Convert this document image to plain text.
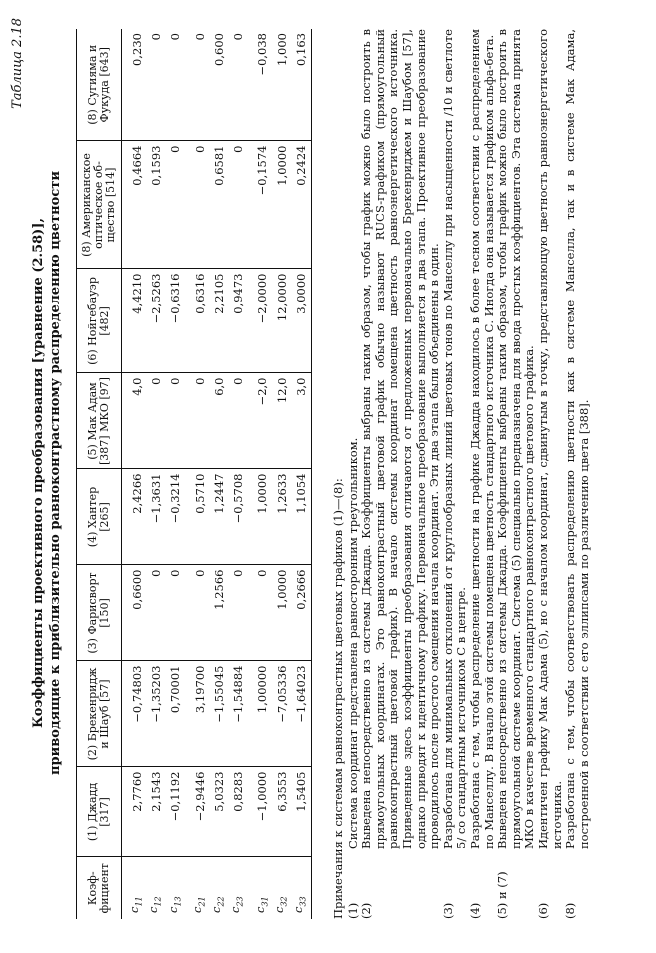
Таблица 2.18
Коэффициенты проективного преобразования [уравнение (2.58)], приводящие к приблизительно равноконтрастному распределению цветности
Коэф-фициент	(1) Джадд [317]	(2) Брекенридж и Шауб [57]	(3) Фарисворт [150]	(4) Хантер [265]	(5) Мак Адам [387] МКО [97]	(6) Нойгебауэр [482]	(8) Американское оптическое об-щество [514]	(8) Сугияма и Фукуда [643]
$c_{11}$	2,7760	−0,74803	0,6600	2,4266	4,0	4,4210	0,4664	0,230
$c_{12}$	2,1543	−1,35203	0	−1,3631	0	−2,5263	0,1593	0
$c_{13}$	−0,1192	0,70001	0	−0,3214	0	−0,6316	0	0
$c_{21}$	−2,9446	3,19700	0	0,5710	0	0,6316	0	0
$c_{22}$	5,0323	−1,55045	1,2566	1,2447	6,0	2,2105	0,6581	0,600
$c_{23}$	0,8283	−1,54884	0	−0,5708	0	0,9473	0	0
$c_{31}$	−1,0000	1,00000	0	1,0000	−2,0	−2,0000	−0,1574	−0,038
$c_{32}$	6,3553	−7,05336	1,0000	1,2633	12,0	12,0000	1,0000	1,000
$c_{33}$	1,5405	−1,64023	0,2666	1,1054	3,0	3,0000	0,2424	0,163
Примечания к системам равноконтрастных цветовых графиков (1)—(8): (1)
Система координат представлена равносторонним треугольником.
(2)
Выведена непосредственно из системы Джадда. Коэффициенты выбраны таким образом, чтобы график можно было построить в прямоугольных координатах. Это равноконтрастный цветовой график обычно называют RUCS-графиком (прямоугольный равноконтрастный цветовой график). В начало системы координат помещена цветность равноэнергетического источника. Приведенные здесь коэффициенты преобразования отличаются от предложенных первоначально Брекенриджем и Шаубом [57], однако приводят к идентичному графику. Первоначальное преобразование выполняется в два этапа. Проективное преобразование проводилось после простого смещения начала координат. Эти два этапа были объединены в один.
(3)
Разработана для минимальных отклонений от круглообразных линий цветовых тонов по Манселлу при насыщенности /10 и светлоте 5/ со стандартным источником С в центре.
(4)
Разработана с тем, чтобы распределение цветности на графике Джадда находилось в более тесном соответствии с распределением по Манселлу. В начало этой системы помещена цветность стандартного источника С. Иногда она называется графиком альфа-бета.
(5) и (7)
Выведена непосредственно из системы Джадда. Коэффициенты выбраны таким образом, чтобы график можно было построить в прямоугольной системе координат. Система (5) специально предназначена для ввода простых коэффициентов. Эта система принята МКО в качестве временного стандартного равноконтрастного цветового графика.
(6)
Идентичен графику Мак Адама (5), но с началом координат, сдвинутым в точку, представляющую цветность равноэнергетического источника.
(8)
Разработана с тем, чтобы соответствовать распределению цветности как в системе Манселла, так и в системе Мак Адама, построенной в соответствии с его эллипсами по различению цвета [388].
